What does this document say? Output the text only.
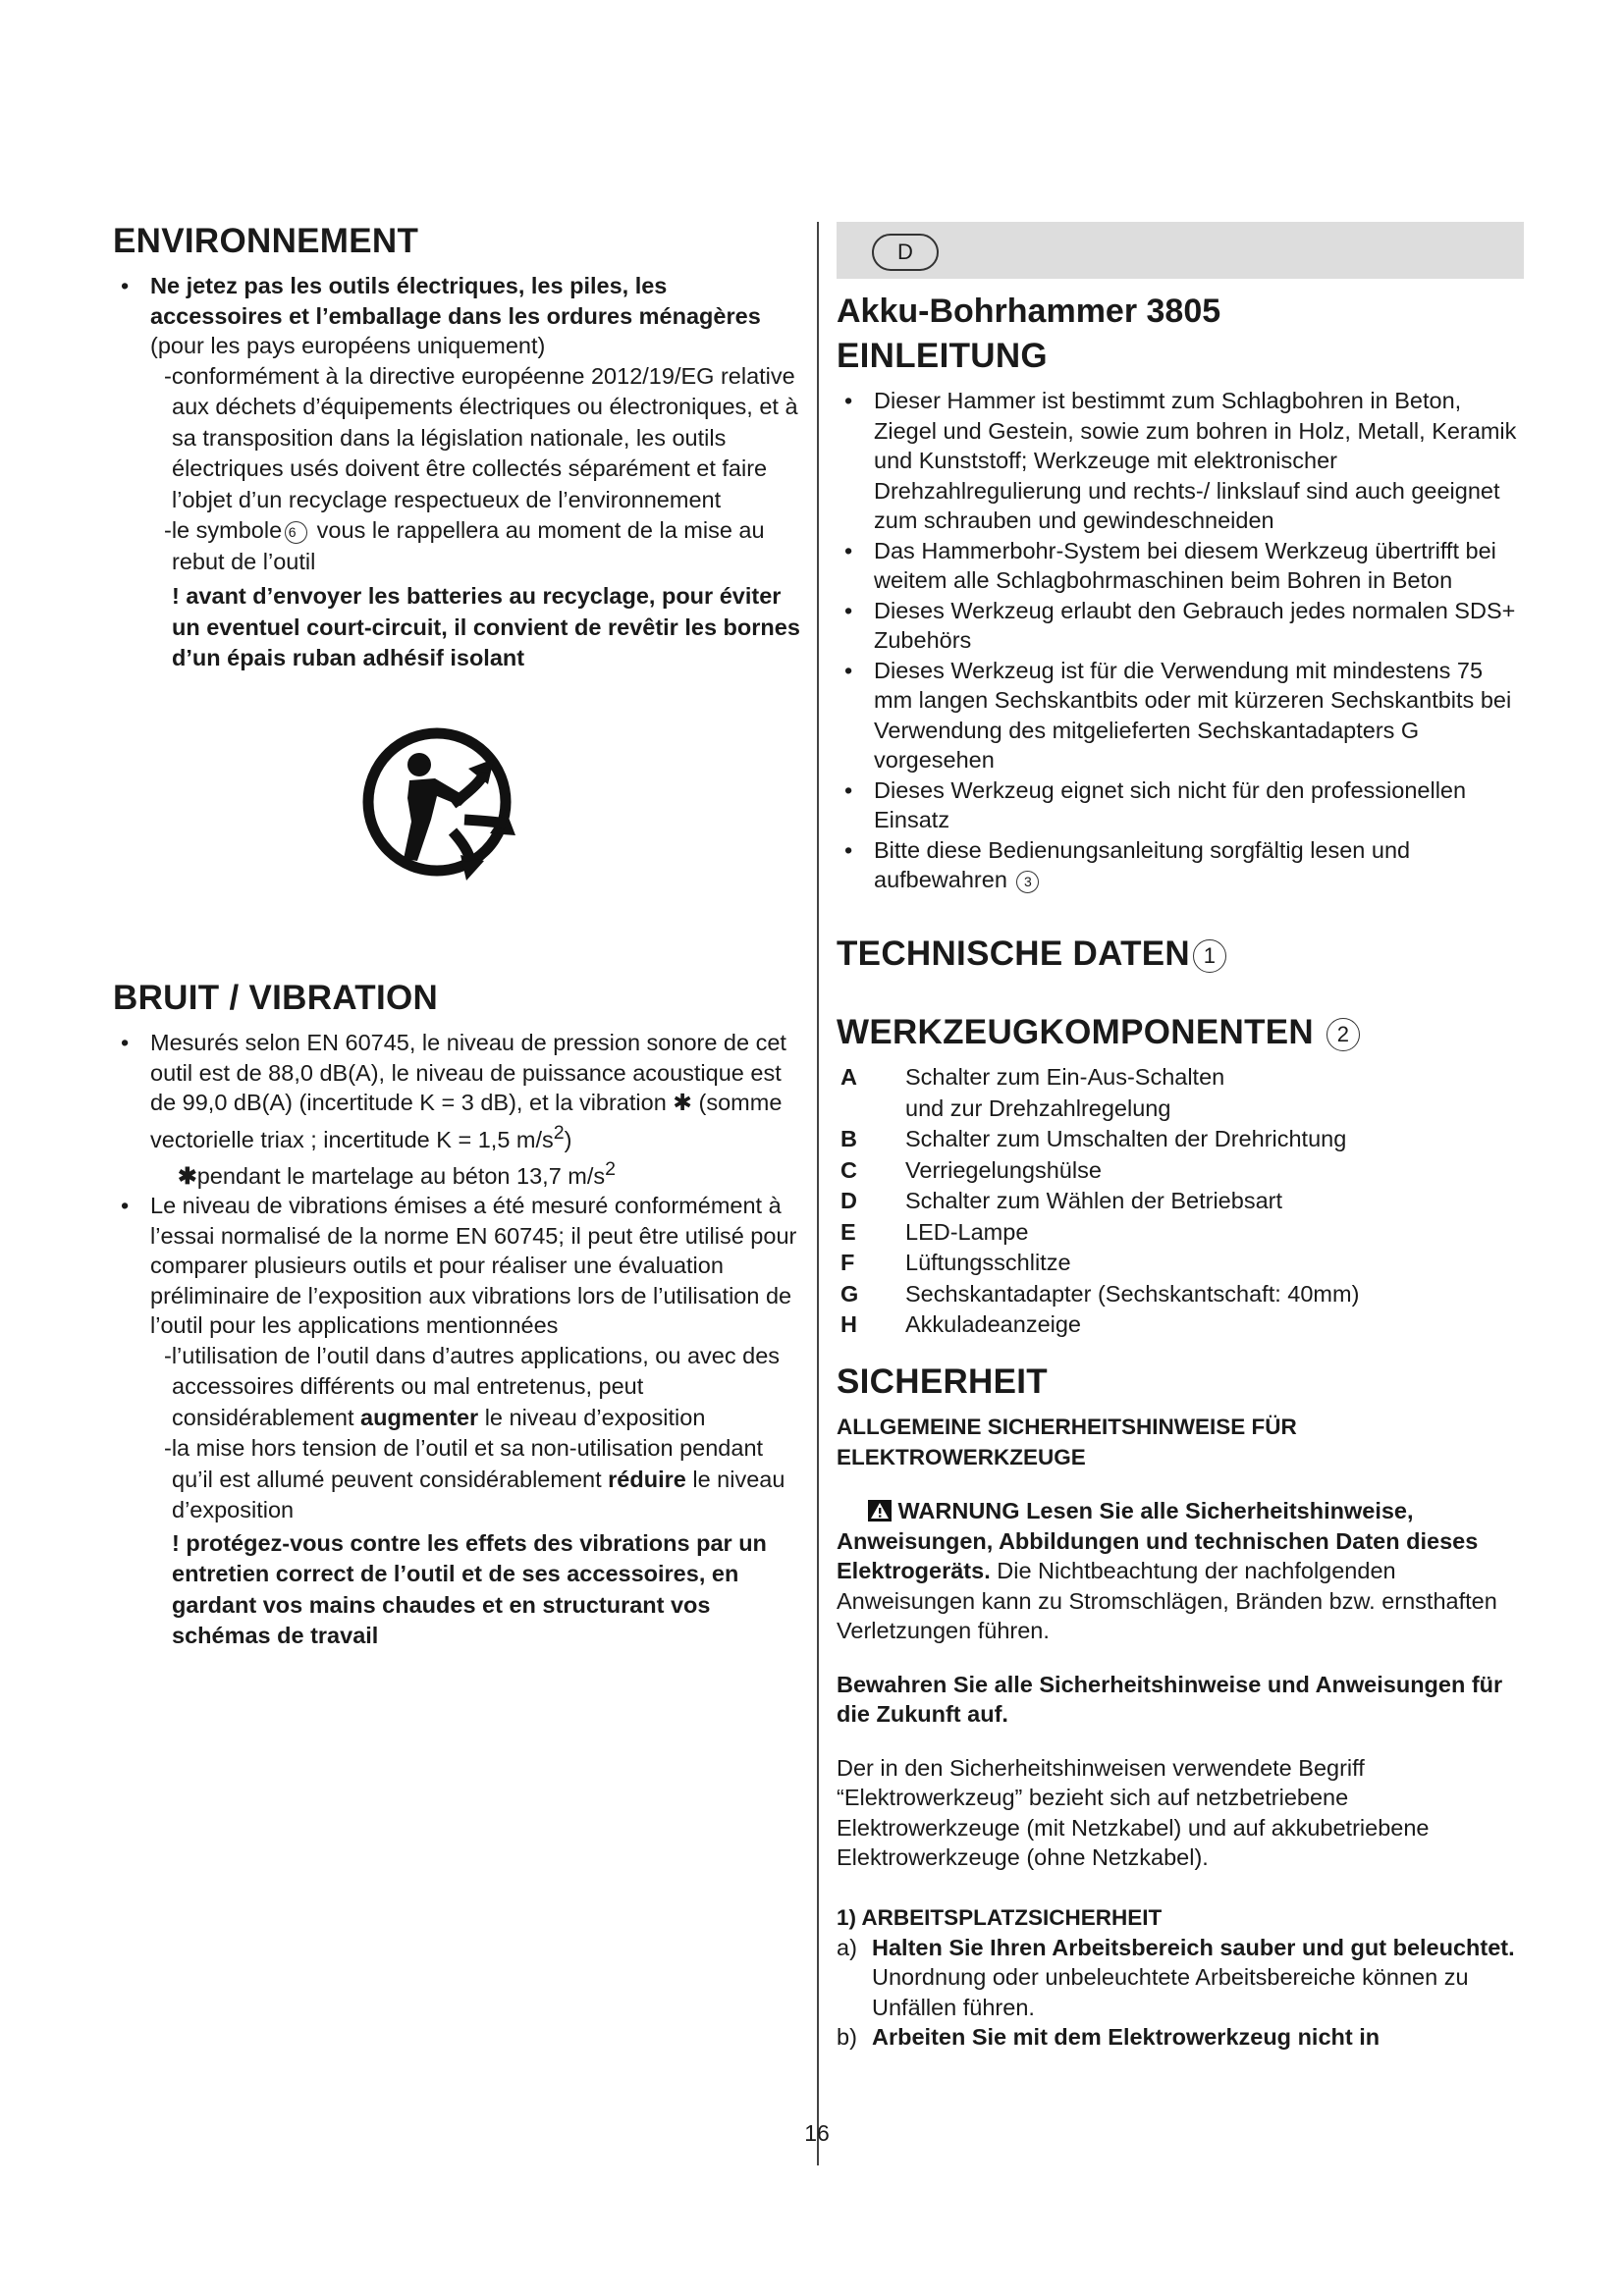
ENVIRONNEMENT
• Ne jetez pas les outils électriques, les piles, les accessoires et l’emballage dans les ordures ménagères (pour les pays européens uniquement)
-conformément à la directive européenne 2012/19/EG relative aux déchets d’équipements électriques ou électroniques, et à sa transposition dans la législation nationale, les outils électriques usés doivent être collectés séparément et faire l’objet d’un recyclage respectueux de l’environnement
-le symbole 6 vous le rappellera au moment de la mise au rebut de l’outil
! avant d’envoyer les batteries au recyclage, pour éviter un eventuel court-circuit, il convient de revêtir les bornes d’un épais ruban adhésif isolant
BRUIT / VIBRATION
• Mesurés selon EN 60745, le niveau de pression sonore de cet outil est de 88,0 dB(A), le niveau de puissance acoustique est de 99,0 dB(A) (incertitude K = 3 dB), et la vibration ✱ (somme vectorielle triax ; incertitude K = 1,5 $m/s^2$)
✱pendant le martelage au béton 13,7 $m/s^2$
• Le niveau de vibrations émises a été mesuré conformément à l’essai normalisé de la norme EN 60745; il peut être utilisé pour comparer plusieurs outils et pour réaliser une évaluation préliminaire de l’exposition aux vibrations lors de l’utilisation de l’outil pour les applications mentionnées
-l’utilisation de l’outil dans d’autres applications, ou avec des accessoires différents ou mal entretenus, peut considérablement augmenter le niveau d’exposition
-la mise hors tension de l’outil et sa non-utilisation pendant qu’il est allumé peuvent considérablement réduire le niveau d’exposition
! protégez-vous contre les effets des vibrations par un entretien correct de l’outil et de ses accessoires, en gardant vos mains chaudes et en structurant vos schémas de travail
D
Akku-Bohrhammer 3805
EINLEITUNG
• Dieser Hammer ist bestimmt zum Schlagbohren in Beton, Ziegel und Gestein, sowie zum bohren in Holz, Metall, Keramik und Kunststoff; Werkzeuge mit elektronischer Drehzahlregulierung und rechts-/ linkslauf sind auch geeignet zum schrauben und gewindeschneiden
• Das Hammerbohr-System bei diesem Werkzeug übertrifft bei weitem alle Schlagbohrmaschinen beim Bohren in Beton
• Dieses Werkzeug erlaubt den Gebrauch jedes normalen SDS+ Zubehörs
• Dieses Werkzeug ist für die Verwendung mit mindestens 75 mm langen Sechskantbits oder mit kürzeren Sechskantbits bei Verwendung des mitgelieferten Sechskantadapters G vorgesehen
• Dieses Werkzeug eignet sich nicht für den professionellen Einsatz
• Bitte diese Bedienungsanleitung sorgfältig lesen und aufbewahren 3
TECHNISCHE DATEN 1
WERKZEUGKOMPONENTEN 2
A	Schalter zum Ein-Aus-Schalten
und zur Drehzahlregelung
B	Schalter zum Umschalten der Drehrichtung
C	Verriegelungshülse
D	Schalter zum Wählen der Betriebsart
E	LED-Lampe
F	Lüftungsschlitze
G	Sechskantadapter (Sechskantschaft: 40mm)
H	Akkuladeanzeige
SICHERHEIT
ALLGEMEINE SICHERHEITSHINWEISE FÜR ELEKTROWERKZEUGE
WARNUNG Lesen Sie alle Sicherheitshinweise, Anweisungen, Abbildungen und technischen Daten dieses Elektrogeräts. Die Nichtbeachtung der nachfolgenden Anweisungen kann zu Stromschlägen, Bränden bzw. ernsthaften Verletzungen führen.
Bewahren Sie alle Sicherheitshinweise und Anweisungen für die Zukunft auf.
Der in den Sicherheitshinweisen verwendete Begriff “Elektrowerkzeug” bezieht sich auf netzbetriebene Elektrowerkzeuge (mit Netzkabel) und auf akkubetriebene Elektrowerkzeuge (ohne Netzkabel).
1) ARBEITSPLATZSICHERHEIT
a) Halten Sie Ihren Arbeitsbereich sauber und gut beleuchtet. Unordnung oder unbeleuchtete Arbeitsbereiche können zu Unfällen führen.
b) Arbeiten Sie mit dem Elektrowerkzeug nicht in
16
